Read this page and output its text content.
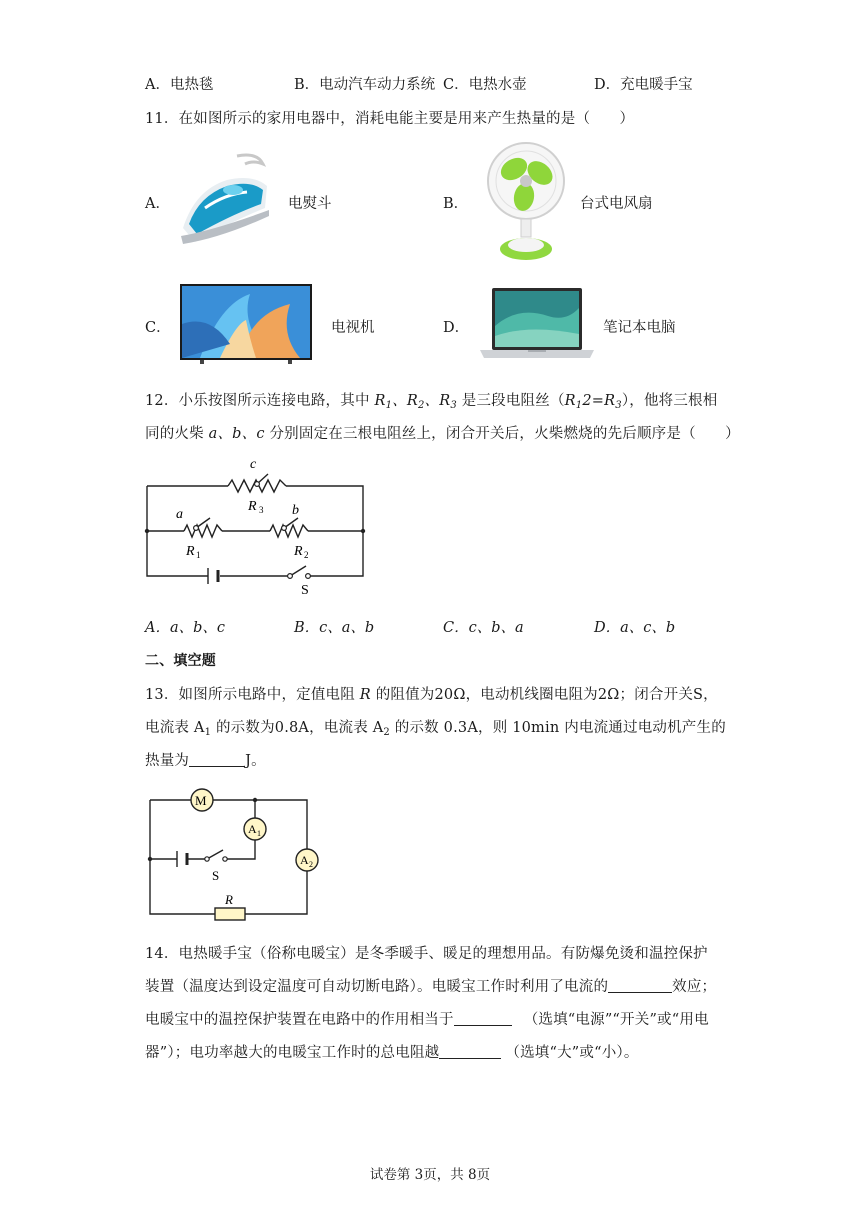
A．电热毯	B．电动汽车动力系统 C．电热水壶	D．充电暖手宝
11．在如图所示的家用电器中，消耗电能主要是用来产生热量的是（　　）
A．	电熨斗	B．	台式电风扇
C．	电视机	D．	笔记本电脑
12．小乐按图所示连接电路，其中 $R_1$、$R_2$、$R_3$ 是三段电阻丝$(R_12=R_3)$，他将三根相
同的火柴 a、b、c 分别固定在三根电阻丝上，闭合开关后，火柴燃烧的先后顺序是（　　）
c
R 3
a	b
R 1	R 2
S
A．a、b、c	B．c、a、b	C．c、b、a	D．a、c、b
二、填空题
13．如图所示电路中，定值电阻 R 的阻值为20Ω，电动机线圈电阻为2Ω；闭合开关S，
电流表 $A_1$ 的示数为0.8A，电流表 $A_2$ 的示数 0.3A，则 10min 内电流通过电动机产生的
热量为	J。
M
A 1
A 2
S
R
14．电热暖手宝（俗称电暖宝）是冬季暖手、暖足的理想用品。有防爆免烫和温控保护
装置（温度达到设定温度可自动切断电路）。电暖宝工作时利用了电流的	效应；
电暖宝中的温控保护装置在电路中的作用相当于	（选填“电源”“开关”或“用电
器”）；电功率越大的电暖宝工作时的总电阻越	（选填“大”或“小）。
试卷第 3页，共 8页
